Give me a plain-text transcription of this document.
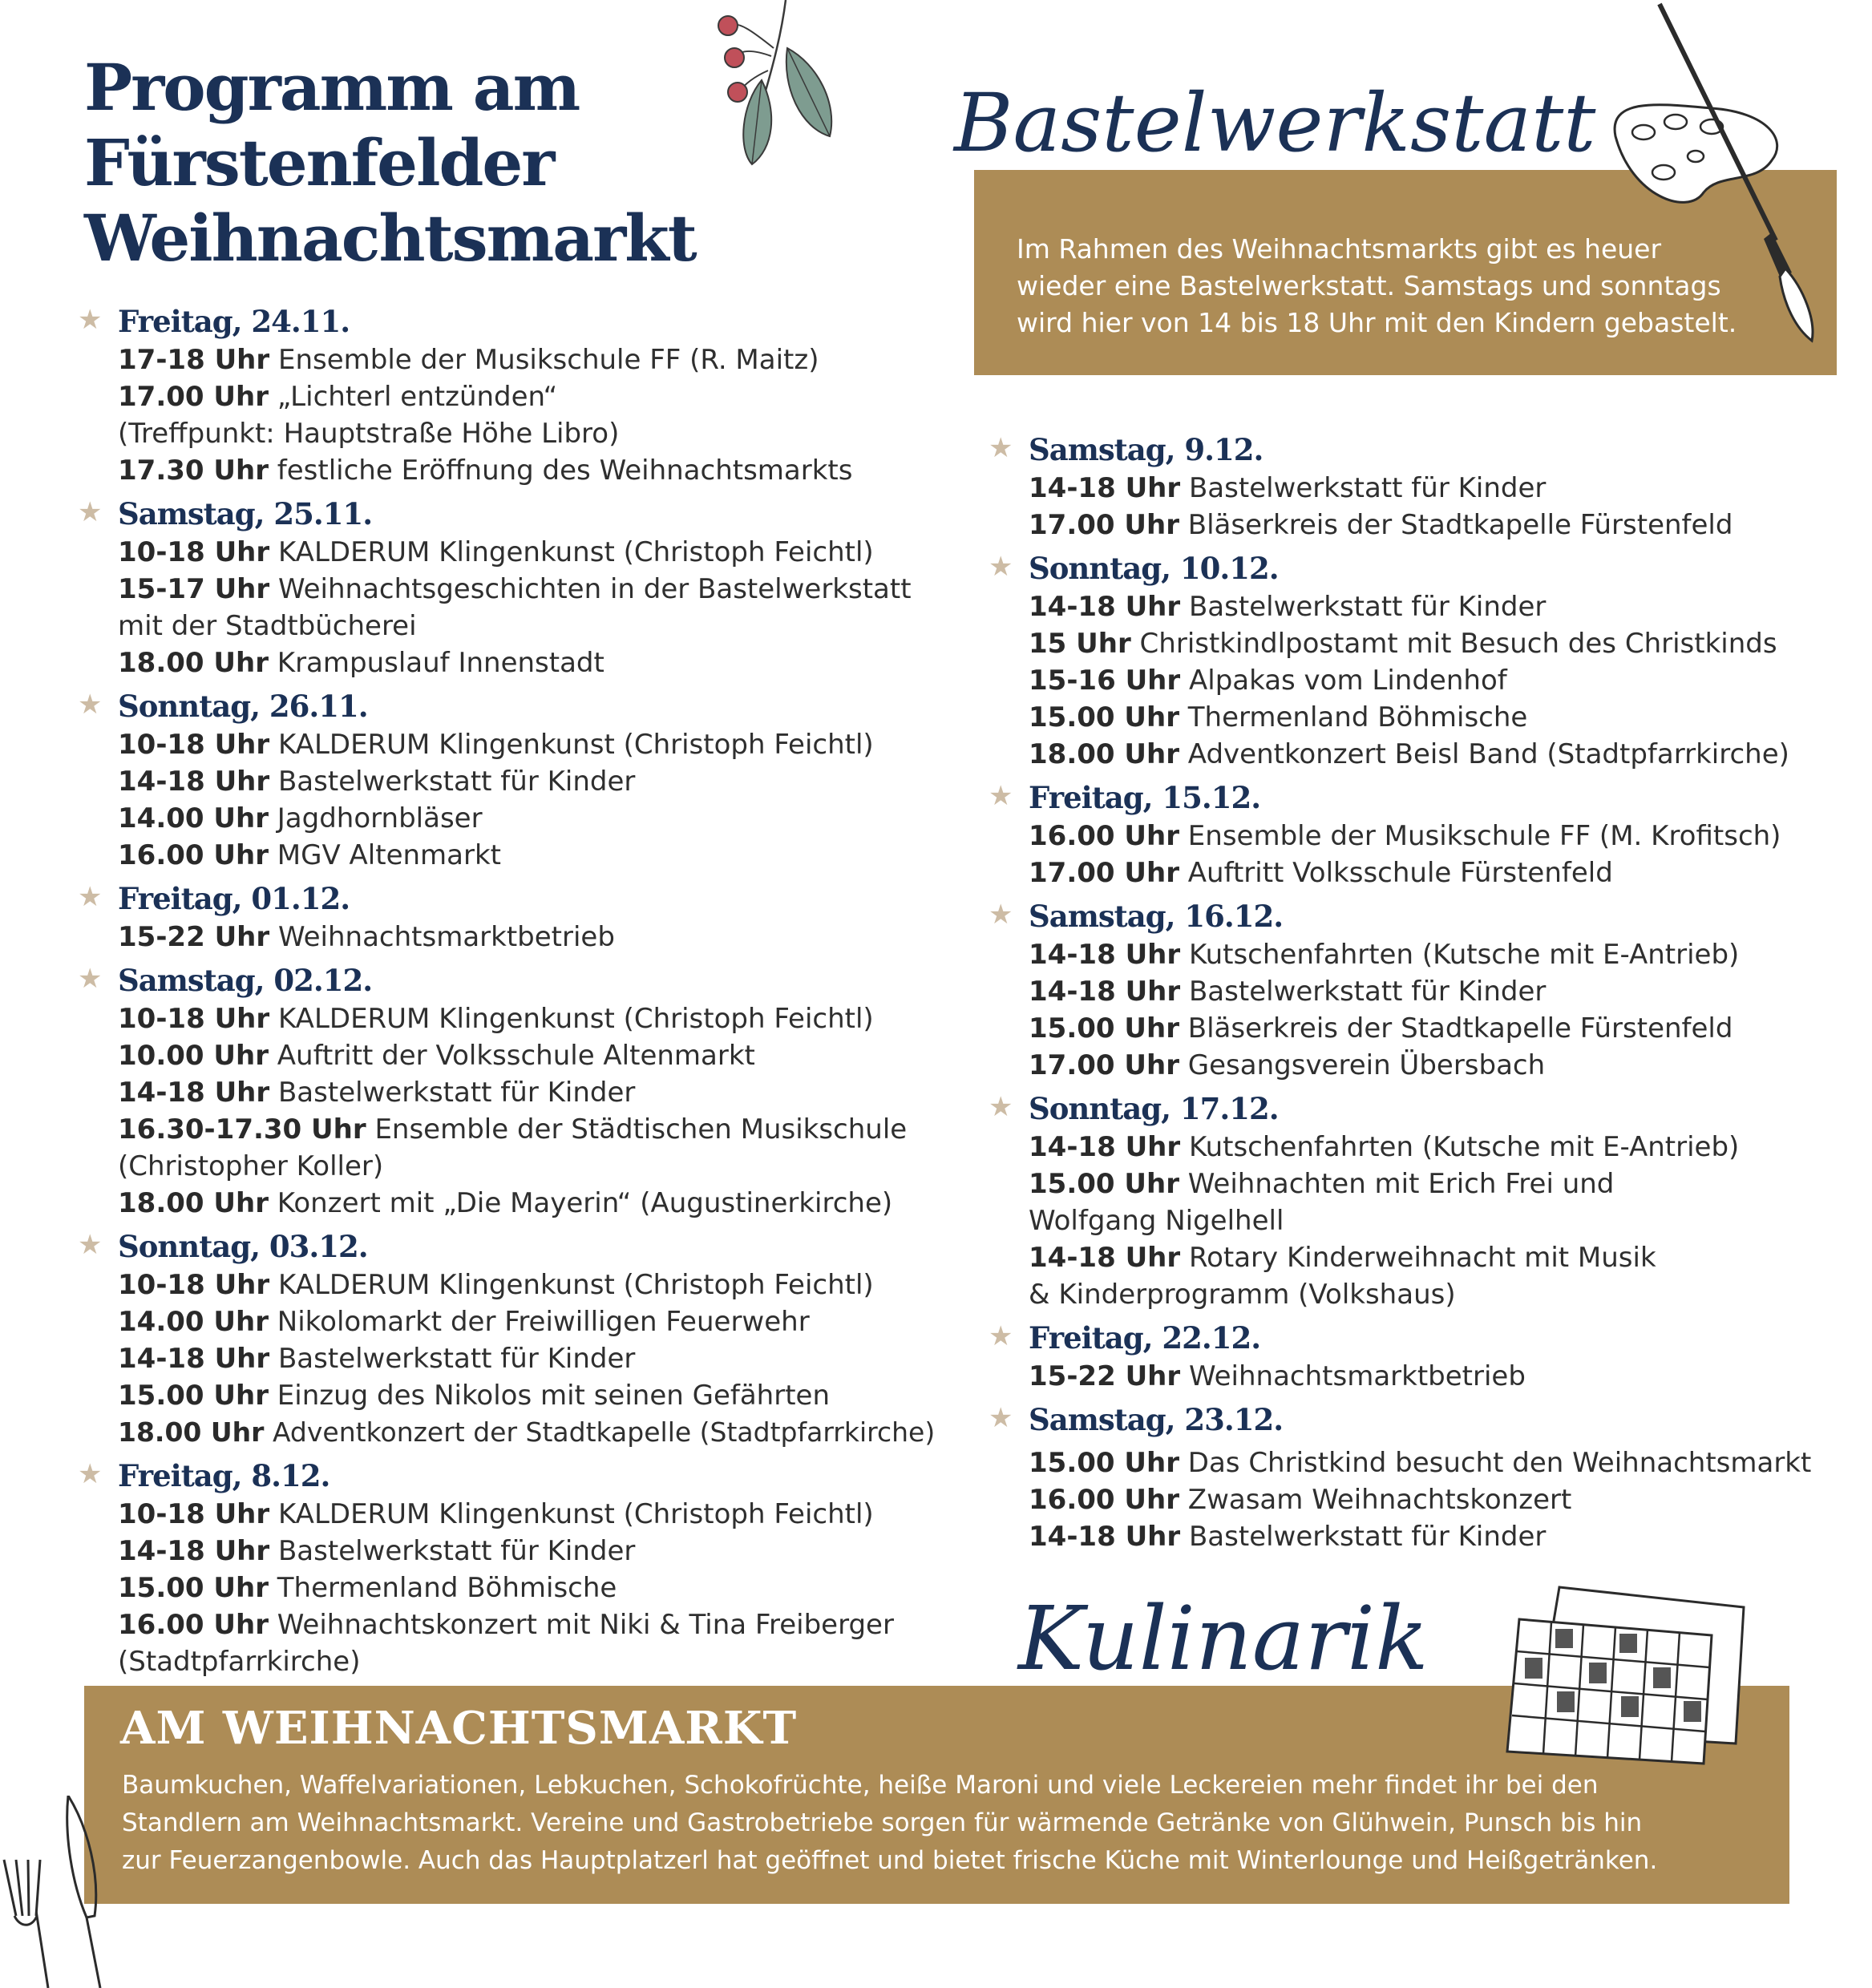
Programm am
Fürstenfelder
Weihnachtsmarkt
Bastelwerkstatt
Im Rahmen des Weihnachtsmarkts gibt es heuer
wieder eine Bastelwerkstatt. Samstags und sonntags
wird hier von 14 bis 18 Uhr mit den Kindern gebastelt.
★ Freitag, 24.11.
17-18 Uhr Ensemble der Musikschule FF (R. Maitz)
17.00 Uhr „Lichterl entzünden“
(Treffpunkt: Hauptstraße Höhe Libro)
17.30 Uhr festliche Eröffnung des Weihnachtsmarkts
★ Samstag, 25.11.
10-18 Uhr KALDERUM Klingenkunst (Christoph Feichtl)
15-17 Uhr Weihnachtsgeschichten in der Bastelwerkstatt
mit der Stadtbücherei
18.00 Uhr Krampuslauf Innenstadt
★ Sonntag, 26.11.
10-18 Uhr KALDERUM Klingenkunst (Christoph Feichtl)
14-18 Uhr Bastelwerkstatt für Kinder
14.00 Uhr Jagdhornbläser
16.00 Uhr MGV Altenmarkt
★ Freitag, 01.12.
15-22 Uhr Weihnachtsmarktbetrieb
★ Samstag, 02.12.
10-18 Uhr KALDERUM Klingenkunst (Christoph Feichtl)
10.00 Uhr Auftritt der Volksschule Altenmarkt
14-18 Uhr Bastelwerkstatt für Kinder
16.30-17.30 Uhr Ensemble der Städtischen Musikschule
(Christopher Koller)
18.00 Uhr Konzert mit „Die Mayerin“ (Augustinerkirche)
★ Sonntag, 03.12.
10-18 Uhr KALDERUM Klingenkunst (Christoph Feichtl)
14.00 Uhr Nikolomarkt der Freiwilligen Feuerwehr
14-18 Uhr Bastelwerkstatt für Kinder
15.00 Uhr Einzug des Nikolos mit seinen Gefährten
18.00 Uhr Adventkonzert der Stadtkapelle (Stadtpfarrkirche)
★ Freitag, 8.12.
10-18 Uhr KALDERUM Klingenkunst (Christoph Feichtl)
14-18 Uhr Bastelwerkstatt für Kinder
15.00 Uhr Thermenland Böhmische
16.00 Uhr Weihnachtskonzert mit Niki & Tina Freiberger
(Stadtpfarrkirche)
★ Samstag, 9.12.
14-18 Uhr Bastelwerkstatt für Kinder
17.00 Uhr Bläserkreis der Stadtkapelle Fürstenfeld
★ Sonntag, 10.12.
14-18 Uhr Bastelwerkstatt für Kinder
15 Uhr Christkindlpostamt mit Besuch des Christkinds
15-16 Uhr Alpakas vom Lindenhof
15.00 Uhr Thermenland Böhmische
18.00 Uhr Adventkonzert Beisl Band (Stadtpfarrkirche)
★ Freitag, 15.12.
16.00 Uhr Ensemble der Musikschule FF (M. Krofitsch)
17.00 Uhr Auftritt Volksschule Fürstenfeld
★ Samstag, 16.12.
14-18 Uhr Kutschenfahrten (Kutsche mit E-Antrieb)
14-18 Uhr Bastelwerkstatt für Kinder
15.00 Uhr Bläserkreis der Stadtkapelle Fürstenfeld
17.00 Uhr Gesangsverein Übersbach
★ Sonntag, 17.12.
14-18 Uhr Kutschenfahrten (Kutsche mit E-Antrieb)
15.00 Uhr Weihnachten mit Erich Frei und
Wolfgang Nigelhell
14-18 Uhr Rotary Kinderweihnacht mit Musik
& Kinderprogramm (Volkshaus)
★ Freitag, 22.12.
15-22 Uhr Weihnachtsmarktbetrieb
★ Samstag, 23.12.
15.00 Uhr Das Christkind besucht den Weihnachtsmarkt
16.00 Uhr Zwasam Weihnachtskonzert
14-18 Uhr Bastelwerkstatt für Kinder
Kulinarik
AM WEIHNACHTSMARKT
Baumkuchen, Waffelvariationen, Lebkuchen, Schokofrüchte, heiße Maroni und viele Leckereien mehr findet ihr bei den
Standlern am Weihnachtsmarkt. Vereine und Gastrobetriebe sorgen für wärmende Getränke von Glühwein, Punsch bis hin
zur Feuerzangenbowle. Auch das Hauptplatzerl hat geöffnet und bietet frische Küche mit Winterlounge und Heißgetränken.
